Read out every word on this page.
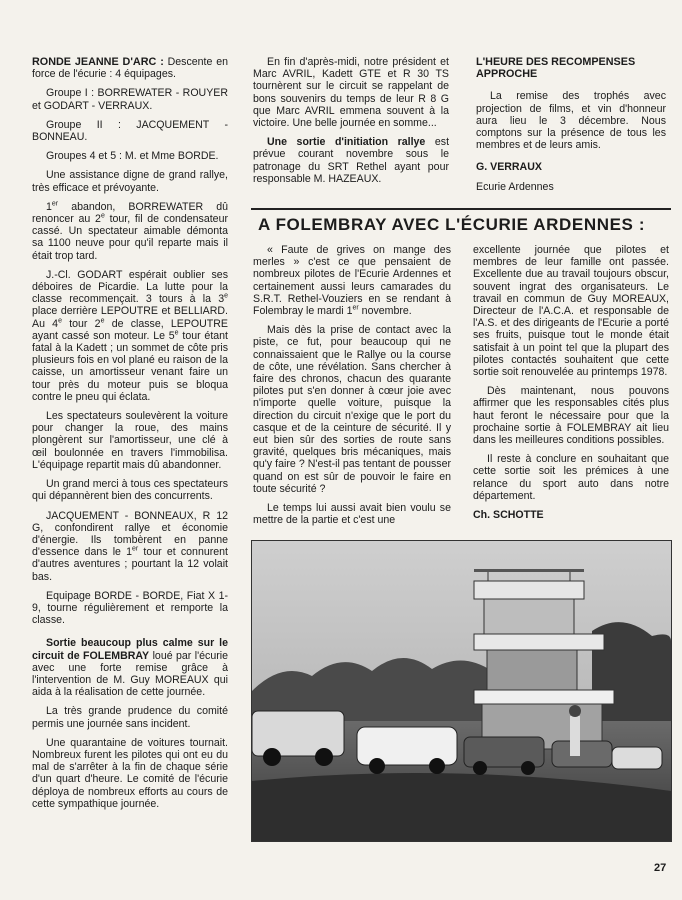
RONDE JEANNE D'ARC : Descente en force de l'écurie : 4 équipages.

Groupe I : BORREWATER - ROUYER et GODART - VERRAUX.

Groupe II : JACQUEMENT - BONNEAU.

Groupes 4 et 5 : M. et Mme BORDE.

Une assistance digne de grand rallye, très efficace et prévoyante.

1er abandon, BORREWATER dû renoncer au 2e tour, fil de condensateur cassé. Un spectateur aimable démonta sa 1100 neuve pour qu'il reparte mais il était trop tard.

J.-Cl. GODART espérait oublier ses déboires de Picardie. La lutte pour la classe recommençait. 3 tours à la 3e place derrière LEPOUTRE et BELLIARD. Au 4e tour 2e de classe, LEPOUTRE ayant cassé son moteur. Le 5e tour étant fatal à la Kadett ; un sommet de côte pris plusieurs fois en vol plané eu raison de la caisse, un amortisseur venant faire un tour près du moteur puis se bloqua contre le pneu qui éclata.

Les spectateurs soulevèrent la voiture pour changer la roue, des mains plongèrent sur l'amortisseur, une clé à œil boulonnée en travers l'immobilisa. L'équipage repartit mais dû abandonner.

Un grand merci à tous ces spectateurs qui dépannèrent bien des concurrents.

JACQUEMENT - BONNEAUX, R 12 G, confondirent rallye et économie d'énergie. Ils tombèrent en panne d'essence dans le 1er tour et connurent d'autres aventures ; pourtant la 12 volait bas.

Equipage BORDE - BORDE, Fiat X 1-9, tourne régulièrement et remporte la classe.

Sortie beaucoup plus calme sur le circuit de FOLEMBRAY loué par l'écurie avec une forte remise grâce à l'intervention de M. Guy MOREAUX qui aida à la réalisation de cette journée.

La très grande prudence du comité permis une journée sans incident.

Une quarantaine de voitures tournait. Nombreux furent les pilotes qui ont eu du mal de s'arrêter à la fin de chaque série d'un quart d'heure. Le comité de l'écurie déploya de nombreux efforts au cours de cette sympathique journée.

En fin d'après-midi, notre président et Marc AVRIL, Kadett GTE et R 30 TS tournèrent sur le circuit se rappelant de bons souvenirs du temps de leur R 8 G que Marc AVRIL emmena souvent à la victoire. Une belle journée en somme...

Une sortie d'initiation rallye est prévue courant novembre sous le patronage du SRT Rethel ayant pour responsable M. HAZEAUX.

L'HEURE DES RECOMPENSES APPROCHE

La remise des trophés avec projection de films, et vin d'honneur aura lieu le 3 décembre. Nous comptons sur la présence de tous les membres et de leurs amis.

G. VERRAUX

Ecurie Ardennes

A FOLEMBRAY AVEC L'ÉCURIE ARDENNES :

« Faute de grives on mange des merles » c'est ce que pensaient de nombreux pilotes de l'Ecurie Ardennes et certainement aussi leurs camarades du S.R.T. Rethel-Vouziers en se rendant à Folembray le mardi 1er novembre.

Mais dès la prise de contact avec la piste, ce fut, pour beaucoup qui ne connaissaient que le Rallye ou la course de côte, une révélation. Sans chercher à faire des chronos, chacun des quarante pilotes put s'en donner à cœur joie avec n'importe quelle voiture, puisque la direction du circuit n'exige que le port du casque et de la ceinture de sécurité. Il y eut bien sûr des sorties de route sans gravité, quelques bris mécaniques, mais qu'y faire ? N'est-il pas tentant de pousser quand on est sûr de pouvoir le faire en toute sécurité ?

Le temps lui aussi avait bien voulu se mettre de la partie et c'est une

excellente journée que pilotes et membres de leur famille ont passée. Excellente due au travail toujours obscur, souvent ingrat des organisateurs. Le travail en commun de Guy MOREAUX, Directeur de l'A.C.A. et responsable de l'A.S. et des dirigeants de l'Ecurie a porté ses fruits, puisque tout le monde était satisfait à un point tel que la plupart des pilotes contactés souhaitent que cette sortie soit renouvelée au printemps 1978.

Dès maintenant, nous pouvons affirmer que les responsables cités plus haut feront le nécessaire pour que la prochaine sortie à FOLEMBRAY ait lieu dans les meilleures conditions possibles.

Il reste à conclure en souhaitant que cette sortie soit les prémices à une relance du sport auto dans notre département.

Ch. SCHOTTE

27
